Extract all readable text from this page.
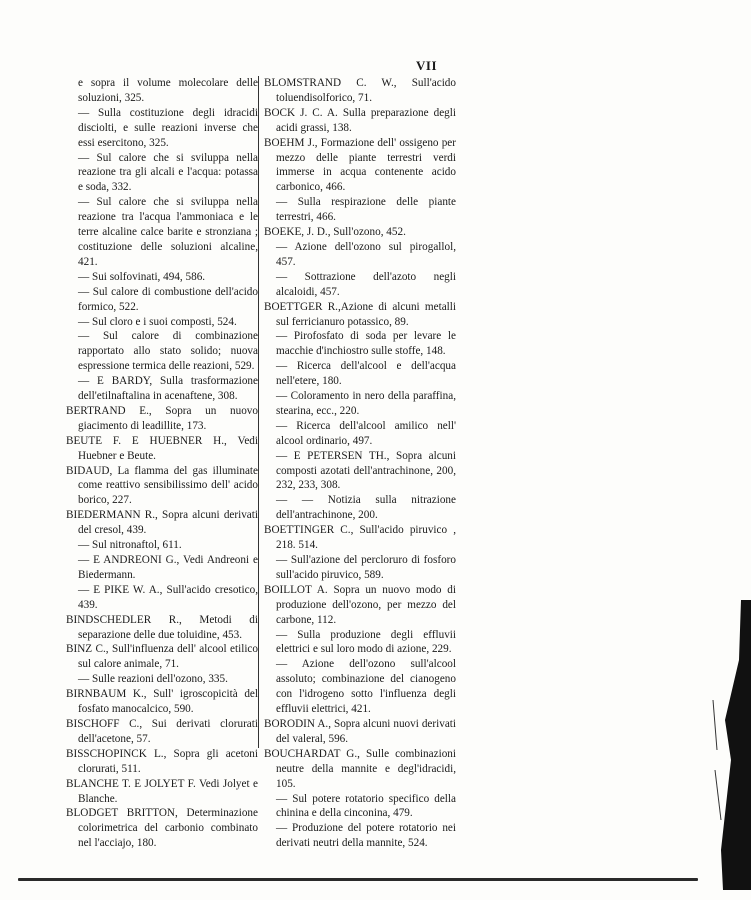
VII

e sopra il volume molecolare delle soluzioni, 325.

— Sulla costituzione degli idracidi disciolti, e sulle reazioni inverse che essi esercitono, 325.

— Sul calore che si sviluppa nella reazione tra gli alcali e l'acqua: potassa e soda, 332.

— Sul calore che si sviluppa nella reazione tra l'acqua l'ammoniaca e le terre alcaline calce barite e stronziana ; costituzione delle soluzioni alcaline, 421.

— Sui solfovinati, 494, 586.

— Sul calore di combustione dell'acido formico, 522.

— Sul cloro e i suoi composti, 524.

— Sul calore di combinazione rapportato allo stato solido; nuova espressione termica delle reazioni, 529.

— E BARDY, Sulla trasformazione dell'etilnaftalina in acenaftene, 308.

BERTRAND E., Sopra un nuovo giacimento di leadillite, 173.

BEUTE F. E HUEBNER H., Vedi Huebner e Beute.

BIDAUD, La flamma del gas illuminate come reattivo sensibilissimo dell' acido borico, 227.

BIEDERMANN R., Sopra alcuni derivati del cresol, 439.

— Sul nitronaftol, 611.

— E ANDREONI G., Vedi Andreoni e Biedermann.

— E PIKE W. A., Sull'acido cresotico, 439.

BINDSCHEDLER R., Metodi di separazione delle due toluidine, 453.

BINZ C., Sull'influenza dell' alcool etilico sul calore animale, 71.

— Sulle reazioni dell'ozono, 335.

BIRNBAUM K., Sull' igroscopicità del fosfato manocalcico, 590.

BISCHOFF C., Sui derivati clorurati dell'acetone, 57.

BISSCHOPINCK L., Sopra gli acetoni clorurati, 511.

BLANCHE T. E JOLYET F. Vedi Jolyet e Blanche.

BLODGET BRITTON, Determinazione colorimetrica del carbonio combinato nel l'acciajo, 180.

BLOMSTRAND C. W., Sull'acido toluendisolforico, 71.

BOCK J. C. A. Sulla preparazione degli acidi grassi, 138.

BOEHM J., Formazione dell' ossigeno per mezzo delle piante terrestri verdi immerse in acqua contenente acido carbonico, 466.

— Sulla respirazione delle piante terrestri, 466.

BOEKE, J. D., Sull'ozono, 452.

— Azione dell'ozono sul pirogallol, 457.

— Sottrazione dell'azoto negli alcaloidi, 457.

BOETTGER R.,Azione di alcuni metalli sul ferricianuro potassico, 89.

— Pirofosfato di soda per levare le macchie d'inchiostro sulle stoffe, 148.

— Ricerca dell'alcool e dell'acqua nell'etere, 180.

— Coloramento in nero della paraffina, stearina, ecc., 220.

— Ricerca dell'alcool amilico nell' alcool ordinario, 497.

— E PETERSEN TH., Sopra alcuni composti azotati dell'antrachinone, 200, 232, 233, 308.

— — Notizia sulla nitrazione dell'antrachinone, 200.

BOETTINGER C., Sull'acido piruvico , 218. 514.

— Sull'azione del percloruro di fosforo sull'acido piruvico, 589.

BOILLOT A. Sopra un nuovo modo di produzione dell'ozono, per mezzo del carbone, 112.

— Sulla produzione degli effluvii elettrici e sul loro modo di azione, 229.

— Azione dell'ozono sull'alcool assoluto; combinazione del cianogeno con l'idrogeno sotto l'influenza degli effluvii elettrici, 421.

BORODIN A., Sopra alcuni nuovi derivati del valeral, 596.

BOUCHARDAT G., Sulle combinazioni neutre della mannite e degl'idracidi, 105.

— Sul potere rotatorio specifico della chinina e della cinconina, 479.

— Produzione del potere rotatorio nei derivati neutri della mannite, 524.
